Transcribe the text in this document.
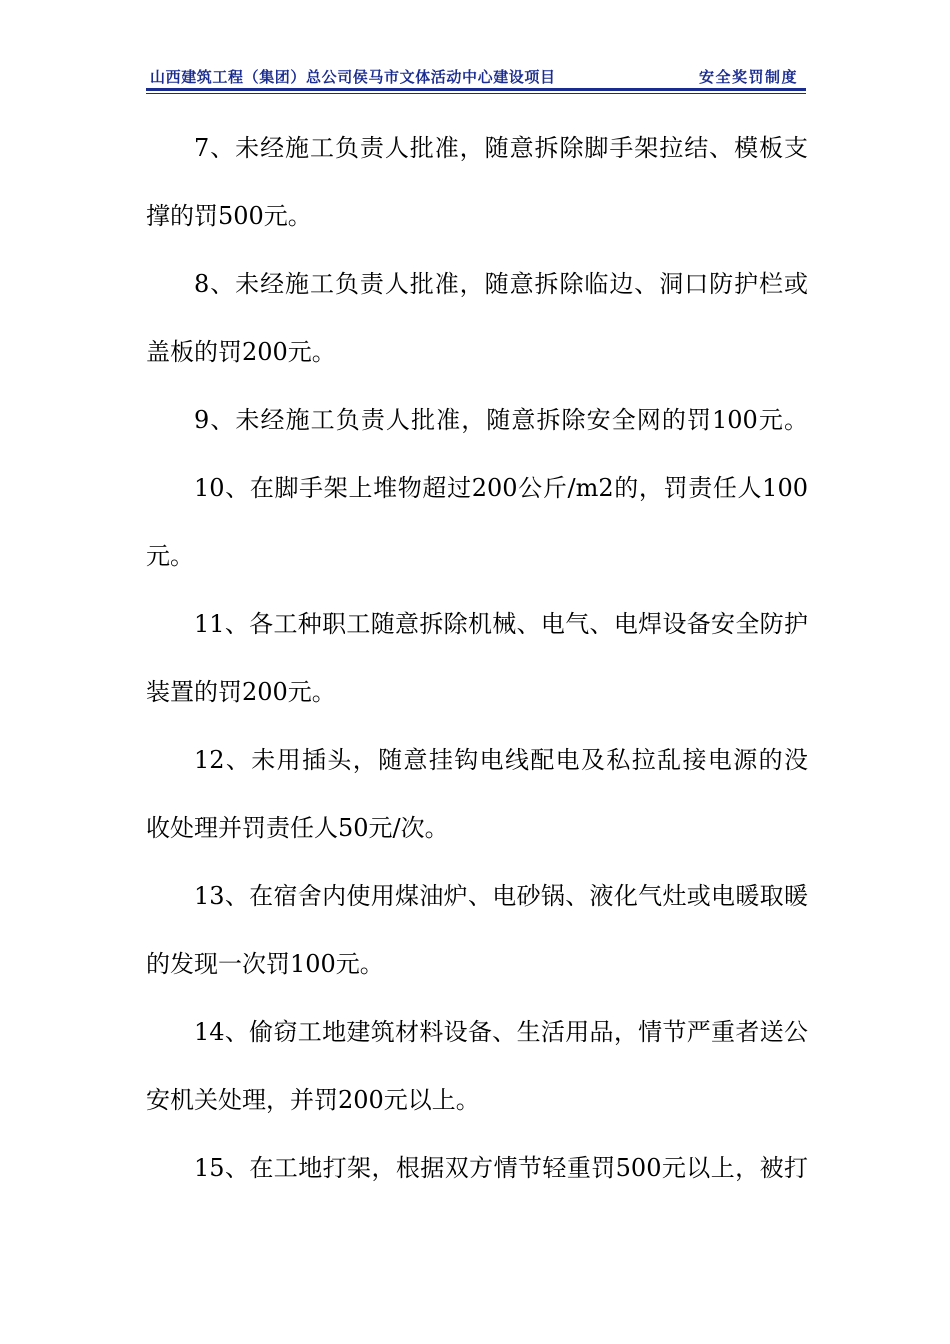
山西建筑工程（集团）总公司侯马市文体活动中心建设项目	安全奖罚制度
7、未经施工负责人批准，随意拆除脚手架拉结、模板支
撑的罚500元。
8、未经施工负责人批准，随意拆除临边、洞口防护栏或
盖板的罚200元。
9、未经施工负责人批准，随意拆除安全网的罚100元。
10、在脚手架上堆物超过200公斤/m2的，罚责任人100
元。
11、各工种职工随意拆除机械、电气、电焊设备安全防护
装置的罚200元。
12、未用插头，随意挂钩电线配电及私拉乱接电源的没
收处理并罚责任人50元/次。
13、在宿舍内使用煤油炉、电砂锅、液化气灶或电暖取暖
的发现一次罚100元。
14、偷窃工地建筑材料设备、生活用品，情节严重者送公
安机关处理，并罚200元以上。
15、在工地打架，根据双方情节轻重罚500元以上，被打
